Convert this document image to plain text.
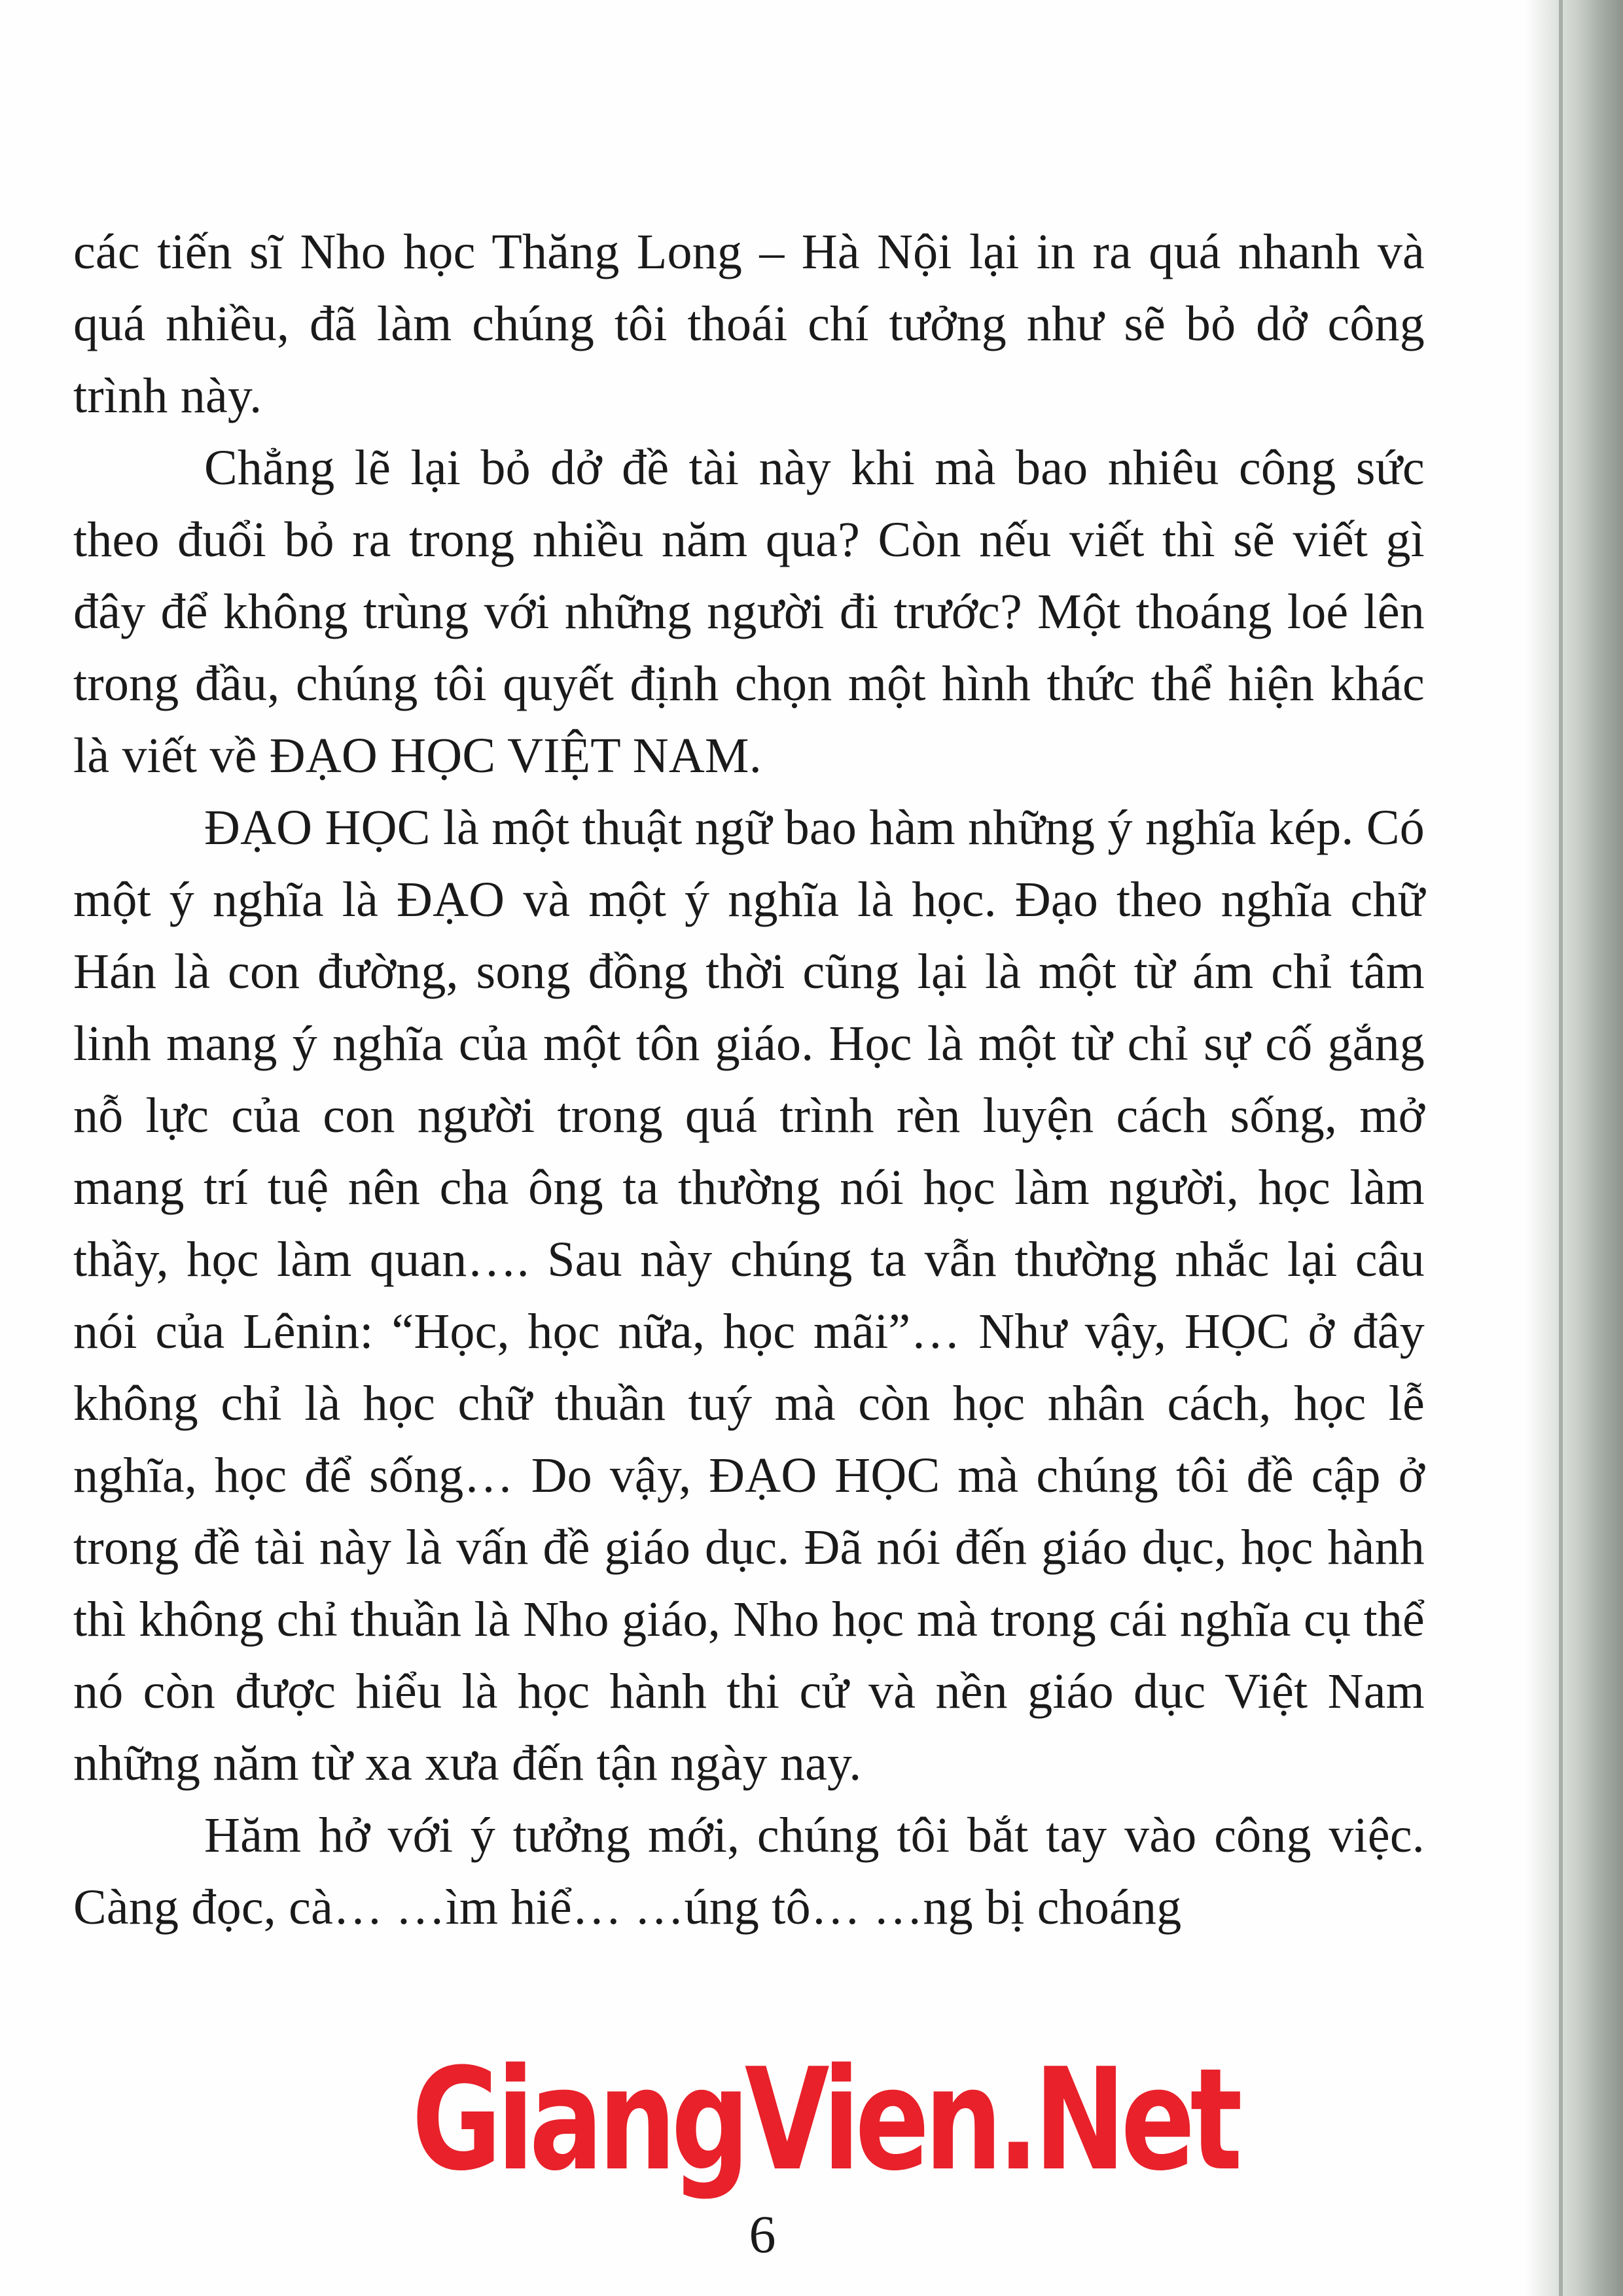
các tiến sĩ Nho học Thăng Long – Hà Nội lại in ra quá nhanh và quá nhiều, đã làm chúng tôi thoái chí tưởng như sẽ bỏ dở công trình này.

Chẳng lẽ lại bỏ dở đề tài này khi mà bao nhiêu công sức theo đuổi bỏ ra trong nhiều năm qua? Còn nếu viết thì sẽ viết gì đây để không trùng với những người đi trước? Một thoáng loé lên trong đầu, chúng tôi quyết định chọn một hình thức thể hiện khác là viết về ĐẠO HỌC VIỆT NAM.

ĐẠO HỌC là một thuật ngữ bao hàm những ý nghĩa kép. Có một ý nghĩa là ĐẠO và một ý nghĩa là học. Đạo theo nghĩa chữ Hán là con đường, song đồng thời cũng lại là một từ ám chỉ tâm linh mang ý nghĩa của một tôn giáo. Học là một từ chỉ sự cố gắng nỗ lực của con người trong quá trình rèn luyện cách sống, mở mang trí tuệ nên cha ông ta thường nói học làm người, học làm thầy, học làm quan…. Sau này chúng ta vẫn thường nhắc lại câu nói của Lênin: “Học, học nữa, học mãi”… Như vậy, HỌC ở đây không chỉ là học chữ thuần tuý mà còn học nhân cách, học lễ nghĩa, học để sống… Do vậy, ĐẠO HỌC mà chúng tôi đề cập ở trong đề tài này là vấn đề giáo dục. Đã nói đến giáo dục, học hành thì không chỉ thuần là Nho giáo, Nho học mà trong cái nghĩa cụ thể nó còn được hiểu là học hành thi cử và nền giáo dục Việt Nam những năm từ xa xưa đến tận ngày nay.

Hăm hở với ý tưởng mới, chúng tôi bắt tay vào công việc. Càng đọc, cà… …ìm hiể… …úng tô… …ng bị choáng

GiangVien.Net
6
